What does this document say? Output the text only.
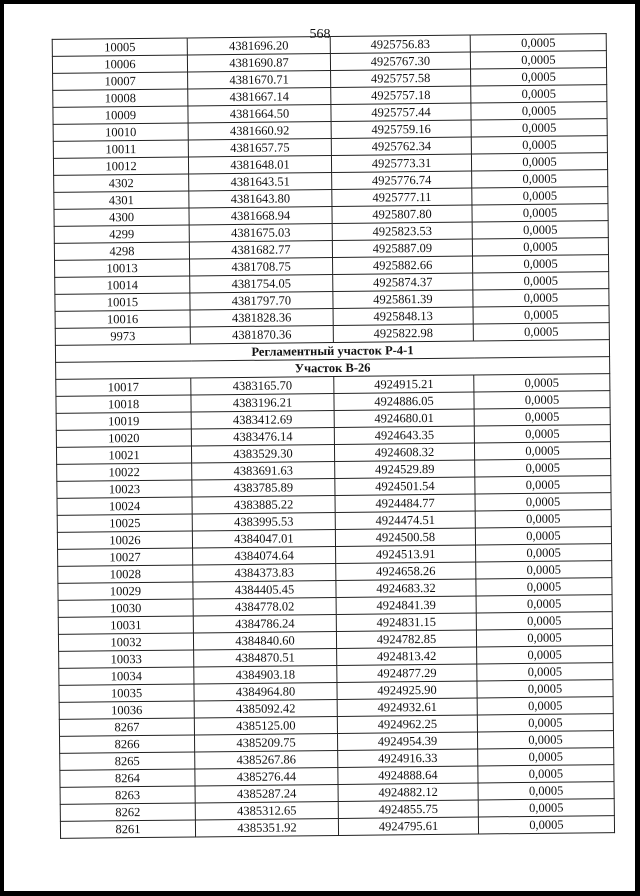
568
10005	4381696.20	4925756.83	0,0005
10006	4381690.87	4925767.30	0,0005
10007	4381670.71	4925757.58	0,0005
10008	4381667.14	4925757.18	0,0005
10009	4381664.50	4925757.44	0,0005
10010	4381660.92	4925759.16	0,0005
10011	4381657.75	4925762.34	0,0005
10012	4381648.01	4925773.31	0,0005
4302	4381643.51	4925776.74	0,0005
4301	4381643.80	4925777.11	0,0005
4300	4381668.94	4925807.80	0,0005
4299	4381675.03	4925823.53	0,0005
4298	4381682.77	4925887.09	0,0005
10013	4381708.75	4925882.66	0,0005
10014	4381754.05	4925874.37	0,0005
10015	4381797.70	4925861.39	0,0005
10016	4381828.36	4925848.13	0,0005
9973	4381870.36	4925822.98	0,0005
Регламентный участок Р-4-1			
Участок В-26			
10017	4383165.70	4924915.21	0,0005
10018	4383196.21	4924886.05	0,0005
10019	4383412.69	4924680.01	0,0005
10020	4383476.14	4924643.35	0,0005
10021	4383529.30	4924608.32	0,0005
10022	4383691.63	4924529.89	0,0005
10023	4383785.89	4924501.54	0,0005
10024	4383885.22	4924484.77	0,0005
10025	4383995.53	4924474.51	0,0005
10026	4384047.01	4924500.58	0,0005
10027	4384074.64	4924513.91	0,0005
10028	4384373.83	4924658.26	0,0005
10029	4384405.45	4924683.32	0,0005
10030	4384778.02	4924841.39	0,0005
10031	4384786.24	4924831.15	0,0005
10032	4384840.60	4924782.85	0,0005
10033	4384870.51	4924813.42	0,0005
10034	4384903.18	4924877.29	0,0005
10035	4384964.80	4924925.90	0,0005
10036	4385092.42	4924932.61	0,0005
8267	4385125.00	4924962.25	0,0005
8266	4385209.75	4924954.39	0,0005
8265	4385267.86	4924916.33	0,0005
8264	4385276.44	4924888.64	0,0005
8263	4385287.24	4924882.12	0,0005
8262	4385312.65	4924855.75	0,0005
8261	4385351.92	4924795.61	0,0005
